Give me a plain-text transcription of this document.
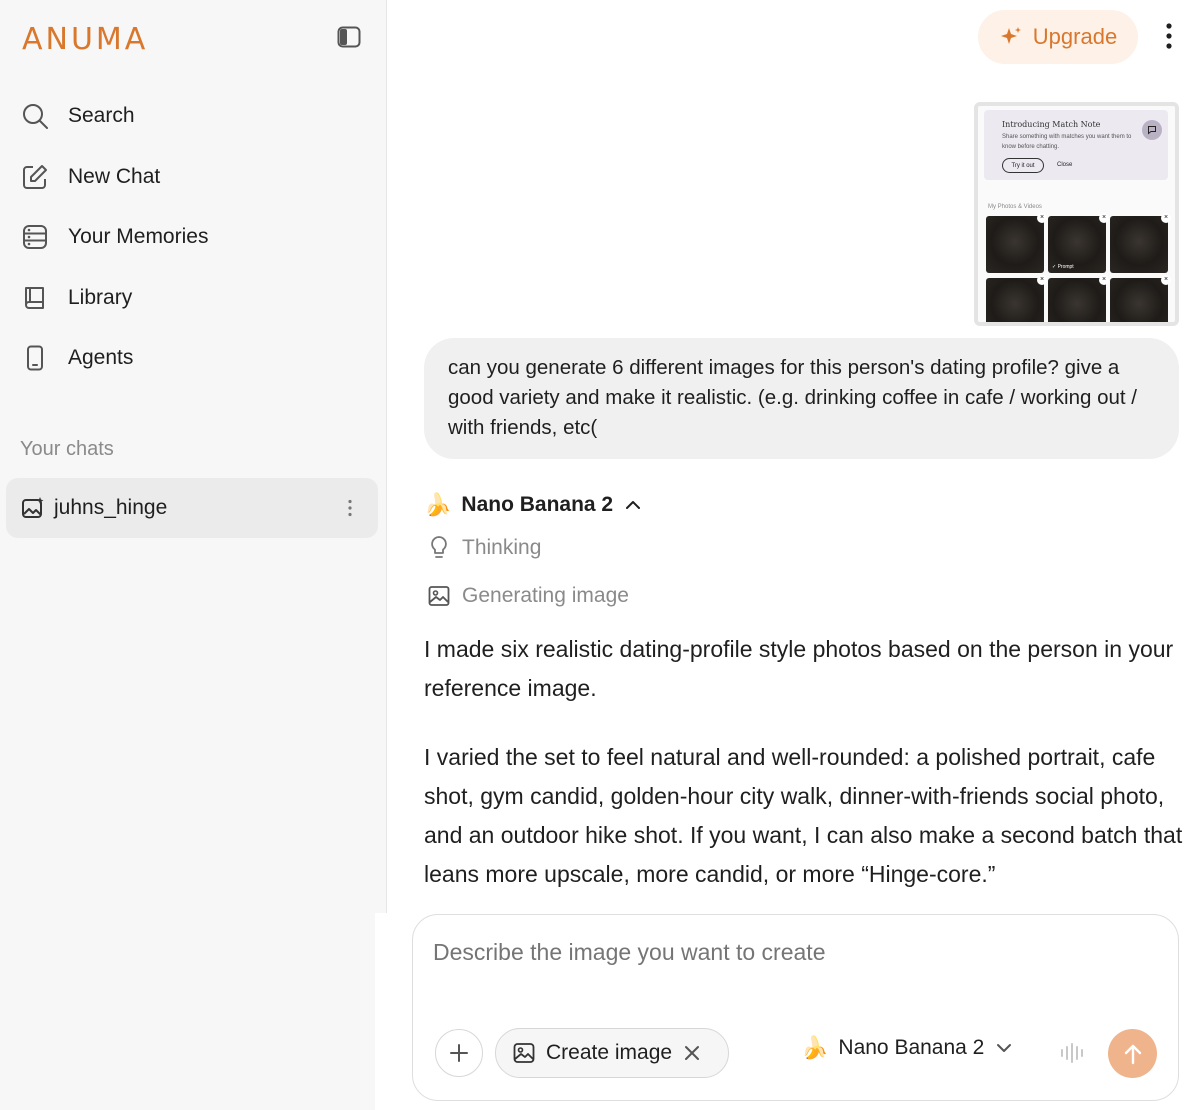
ANUMA
Search
New Chat
Your Memories
Library
Agents
Your chats
juhns_hinge
Upgrade
Introducing Match Note
Share something with matches you want them to know before chatting.
Try it out	Close
My Photos & Videos
×	×
✓ Prompt
×
×	×	×

can you generate 6 different images for this person's dating profile? give a good variety and make it realistic. (e.g. drinking coffee in cafe / working out / with friends, etc(

🍌 Nano Banana 2
Thinking
Generating image

I made six realistic dating-profile style photos based on the person in your reference image.

I varied the set to feel natural and well-rounded: a polished portrait, cafe shot, gym candid, golden-hour city walk, dinner-with-friends social photo, and an outdoor hike shot. If you want, I can also make a second batch that leans more upscale, more candid, or more “Hinge-core.”

Describe the image you want to create
Create image	🍌 Nano Banana 2
